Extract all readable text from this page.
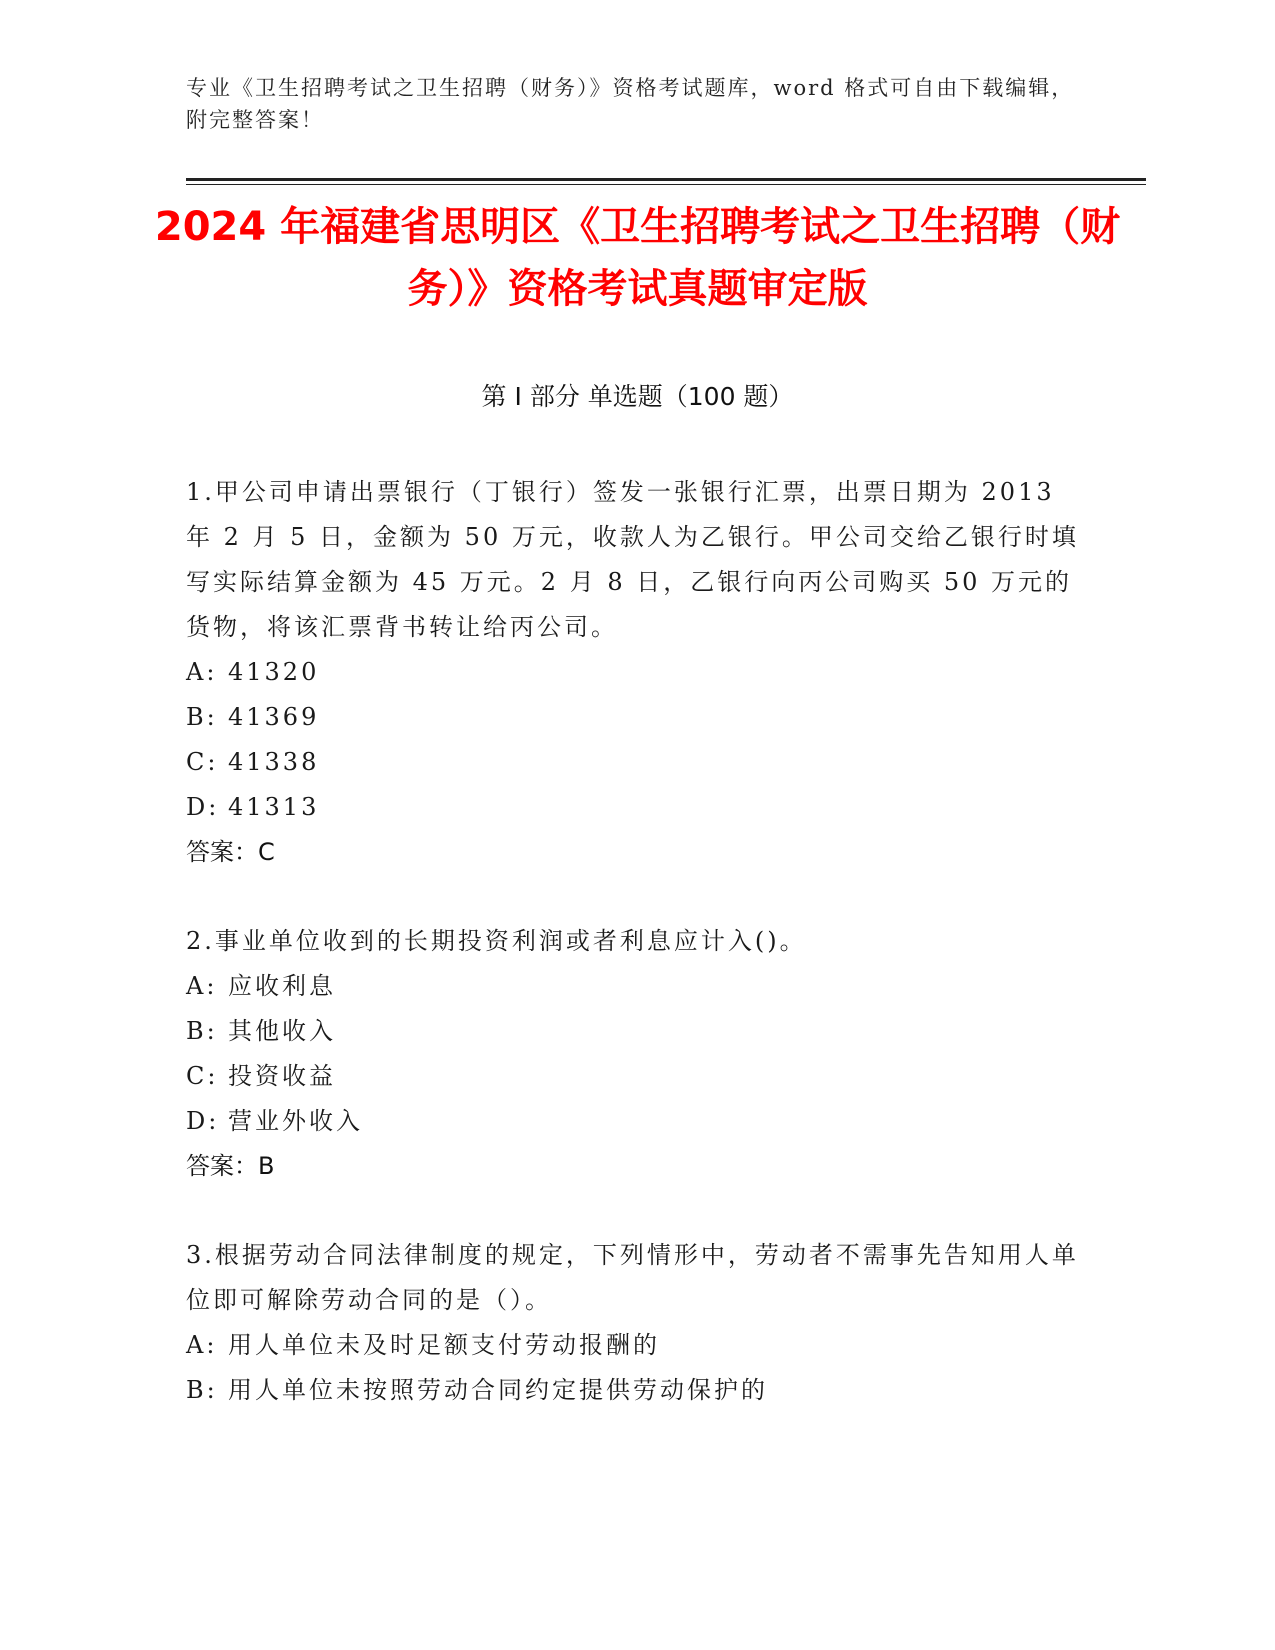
专业《卫生招聘考试之卫生招聘（财务）》资格考试题库，word 格式可自由下载编辑，附完整答案！
2024 年福建省思明区《卫生招聘考试之卫生招聘（财务）》资格考试真题审定版
第 I 部分 单选题（100 题）

1.甲公司申请出票银行（丁银行）签发一张银行汇票，出票日期为 2013 年 2 月 5 日，金额为 50 万元，收款人为乙银行。甲公司交给乙银行时填写实际结算金额为 45 万元。2 月 8 日，乙银行向丙公司购买 50 万元的货物，将该汇票背书转让给丙公司。

A: 41320

B: 41369

C: 41338

D: 41313

答案：C

2.事业单位收到的长期投资利润或者利息应计入()。

A: 应收利息

B: 其他收入

C: 投资收益

D: 营业外收入

答案：B

3.根据劳动合同法律制度的规定，下列情形中，劳动者不需事先告知用人单位即可解除劳动合同的是（）。

A: 用人单位未及时足额支付劳动报酬的

B: 用人单位未按照劳动合同约定提供劳动保护的
